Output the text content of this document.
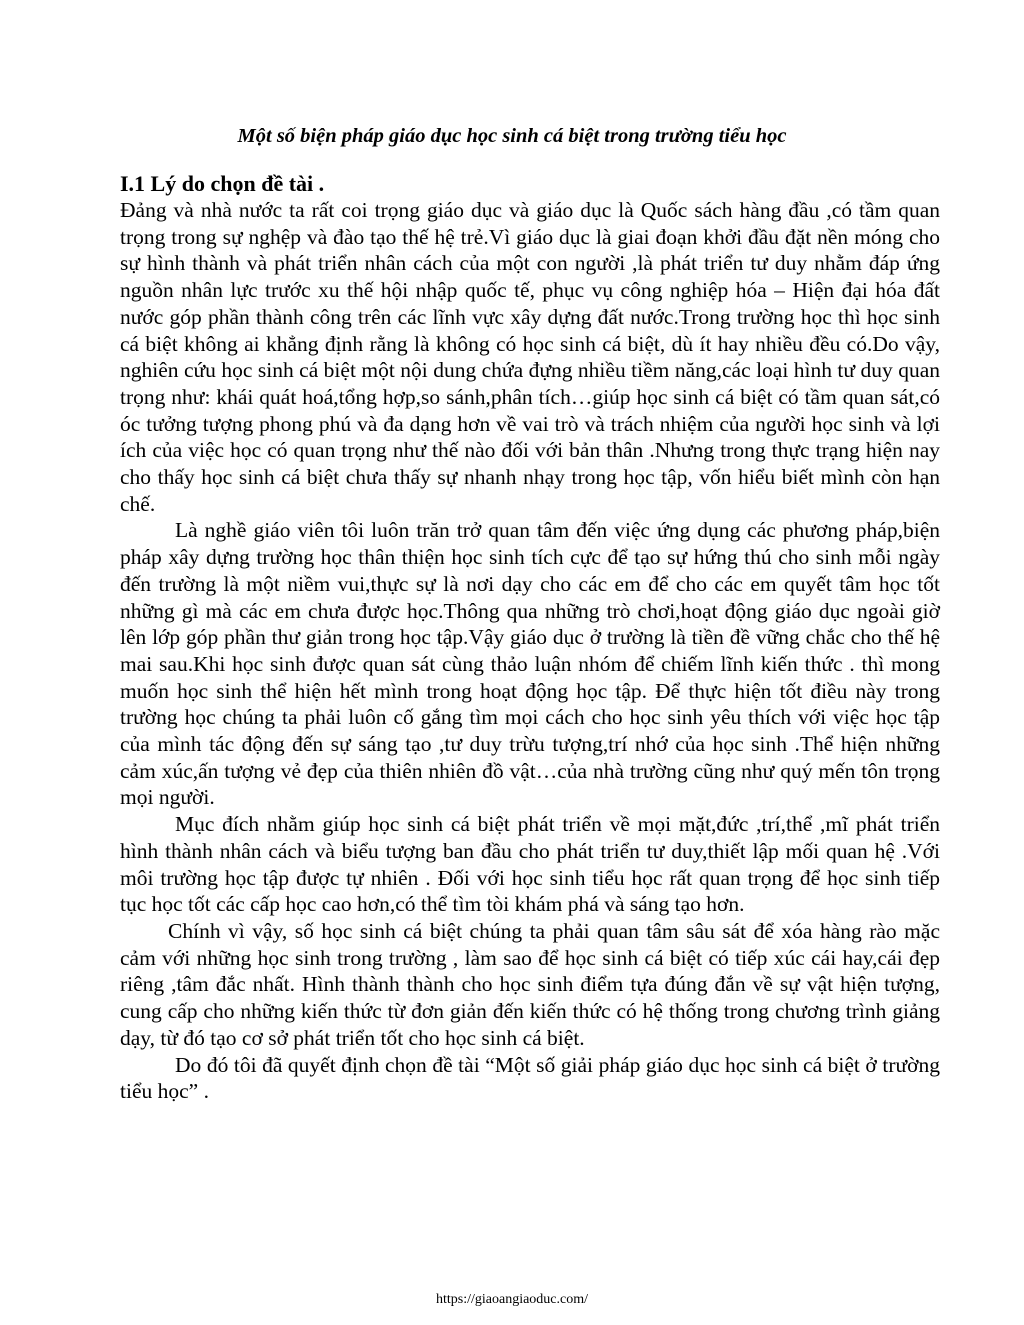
Một số biện pháp giáo dục học sinh cá biệt trong trường tiểu học
I.1 Lý do chọn đề tài .

Đảng và nhà nước ta rất coi trọng giáo dục và giáo dục là Quốc sách hàng đầu ,có tầm quan trọng trong sự nghệp và đào tạo thế hệ trẻ.Vì giáo dục là giai đoạn khởi đầu đặt nền móng cho sự hình thành và phát triển nhân cách của một con người ,là phát triển tư duy nhằm đáp ứng nguồn nhân lực trước xu thế hội nhập quốc tế, phục vụ công nghiệp hóa – Hiện đại hóa đất nước góp phần thành công trên các lĩnh vực xây dựng đất nước.Trong trường học thì học sinh cá biệt không ai khẳng định rằng là không có học sinh cá biệt, dù ít hay nhiều đều có.Do vậy, nghiên cứu học sinh cá biệt một nội dung chứa đựng nhiều tiềm năng,các loại hình tư duy quan trọng như: khái quát hoá,tổng hợp,so sánh,phân tích…giúp học sinh cá biệt có tầm quan sát,có óc tưởng tượng phong phú và đa dạng hơn về vai trò và trách nhiệm của người học sinh và lợi ích của việc học có quan trọng như thế nào đối với bản thân .Nhưng trong thực trạng hiện nay cho thấy học sinh cá biệt chưa thấy sự nhanh nhạy trong học tập, vốn hiểu biết mình còn hạn chế.

Là nghề giáo viên tôi luôn trăn trở quan tâm đến việc ứng dụng các phương pháp,biện pháp xây dựng trường học thân thiện học sinh tích cực để tạo sự hứng thú cho sinh mỗi ngày đến trường là một niềm vui,thực sự là nơi dạy cho các em để cho các em quyết tâm học tốt những gì mà các em chưa được học.Thông qua những trò chơi,hoạt động giáo dục ngoài giờ lên lớp góp phần thư giản trong học tập.Vậy giáo dục ở trường là tiền đề vững chắc cho thế hệ mai sau.Khi học sinh được quan sát cùng thảo luận nhóm để chiếm lĩnh kiến thức . thì mong muốn học sinh thể hiện hết mình trong hoạt động học tập. Để thực hiện tốt điều này trong trường học chúng ta phải luôn cố gắng tìm mọi cách cho học sinh yêu thích với việc học tập của mình tác động đến sự sáng tạo ,tư duy trừu tượng,trí nhớ của học sinh .Thể hiện những cảm xúc,ấn tượng vẻ đẹp của thiên nhiên đồ vật…của nhà trường cũng như quý mến tôn trọng mọi người.

Mục đích nhằm giúp học sinh cá biệt phát triển về mọi mặt,đức ,trí,thể ,mĩ phát triển hình thành nhân cách và biểu tượng ban đầu cho phát triển tư duy,thiết lập mối quan hệ .Với môi trường học tập được tự nhiên . Đối với học sinh tiểu học rất quan trọng để học sinh tiếp tục học tốt các cấp học cao hơn,có thể tìm tòi khám phá và sáng tạo hơn.

Chính vì vậy, số học sinh cá biệt chúng ta phải quan tâm sâu sát để xóa hàng rào mặc cảm với những học sinh trong trường , làm sao để học sinh cá biệt có tiếp xúc cái hay,cái đẹp riêng ,tâm đắc nhất. Hình thành thành cho học sinh điểm tựa đúng đắn về sự vật hiện tượng, cung cấp cho những kiến thức từ đơn giản đến kiến thức có hệ thống trong chương trình giảng dạy, từ đó tạo cơ sở phát triển tốt cho học sinh cá biệt.

Do đó tôi đã quyết định chọn đề tài “Một số giải pháp giáo dục học sinh cá biệt ở trường tiểu học” .

https://giaoangiaoduc.com/
